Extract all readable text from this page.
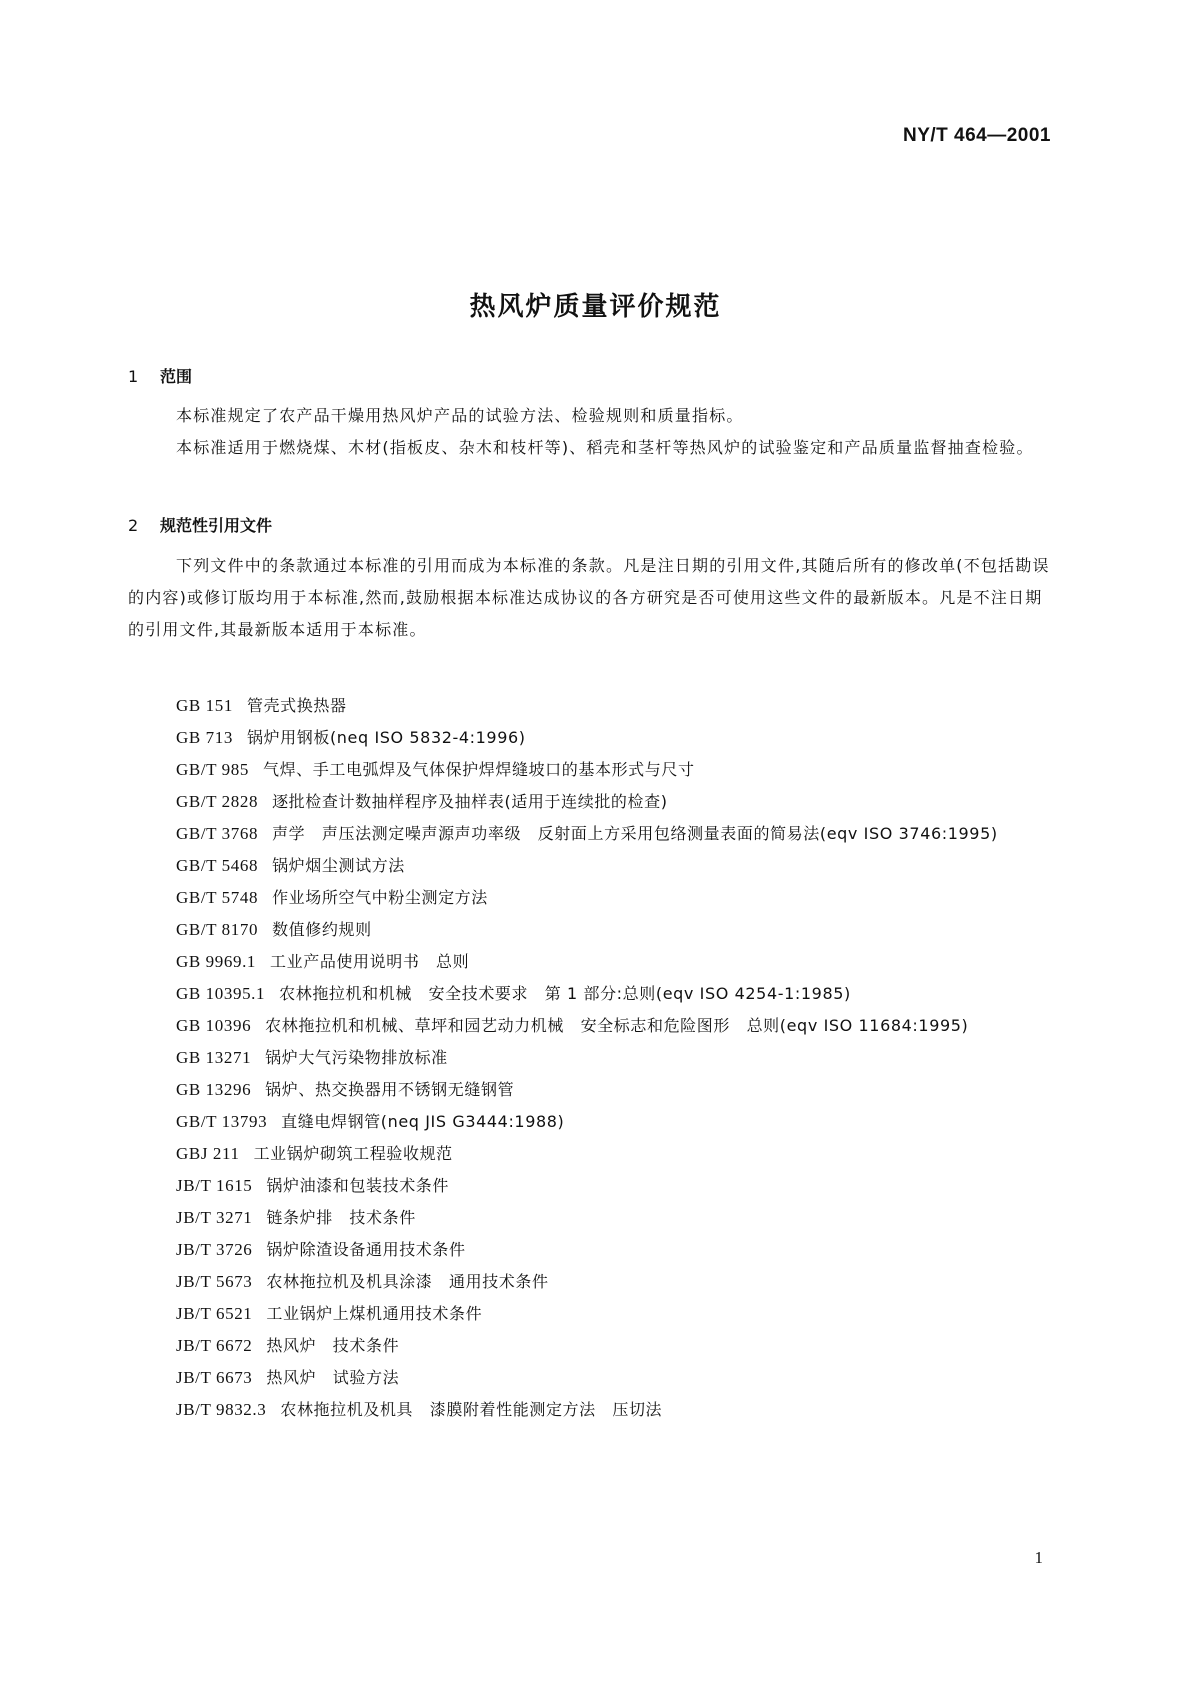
NY/T 464—2001
热风炉质量评价规范
1 范围
本标准规定了农产品干燥用热风炉产品的试验方法、检验规则和质量指标。
本标准适用于燃烧煤、木材(指板皮、杂木和枝杆等)、稻壳和茎杆等热风炉的试验鉴定和产品质量监督抽查检验。
2 规范性引用文件
下列文件中的条款通过本标准的引用而成为本标准的条款。凡是注日期的引用文件,其随后所有的修改单(不包括勘误的内容)或修订版均用于本标准,然而,鼓励根据本标准达成协议的各方研究是否可使用这些文件的最新版本。凡是不注日期的引用文件,其最新版本适用于本标准。
GB 151 管壳式换热器
GB 713 锅炉用钢板(neq ISO 5832-4:1996)
GB/T 985 气焊、手工电弧焊及气体保护焊焊缝坡口的基本形式与尺寸
GB/T 2828 逐批检查计数抽样程序及抽样表(适用于连续批的检查)
GB/T 3768 声学　声压法测定噪声源声功率级　反射面上方采用包络测量表面的简易法(eqv ISO 3746:1995)
GB/T 5468 锅炉烟尘测试方法
GB/T 5748 作业场所空气中粉尘测定方法
GB/T 8170 数值修约规则
GB 9969.1 工业产品使用说明书　总则
GB 10395.1 农林拖拉机和机械　安全技术要求　第 1 部分:总则(eqv ISO 4254-1:1985)
GB 10396 农林拖拉机和机械、草坪和园艺动力机械　安全标志和危险图形　总则(eqv ISO 11684:1995)
GB 13271 锅炉大气污染物排放标准
GB 13296 锅炉、热交换器用不锈钢无缝钢管
GB/T 13793 直缝电焊钢管(neq JIS G3444:1988)
GBJ 211 工业锅炉砌筑工程验收规范
JB/T 1615 锅炉油漆和包装技术条件
JB/T 3271 链条炉排　技术条件
JB/T 3726 锅炉除渣设备通用技术条件
JB/T 5673 农林拖拉机及机具涂漆　通用技术条件
JB/T 6521 工业锅炉上煤机通用技术条件
JB/T 6672 热风炉　技术条件
JB/T 6673 热风炉　试验方法
JB/T 9832.3 农林拖拉机及机具　漆膜附着性能测定方法　压切法
1
